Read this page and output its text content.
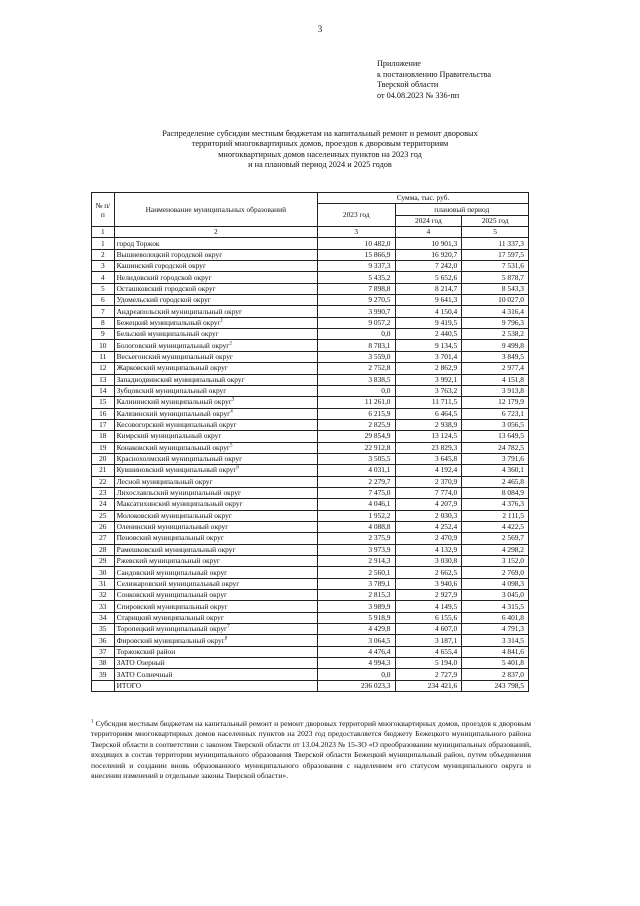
3
Приложение
к постановлению Правительства
Тверской области
от 04.08.2023 № 336-пп
Распределение субсидии местным бюджетам на капитальный ремонт и ремонт дворовых
территорий многоквартирных домов, проездов к дворовым территориям
многоквартирных домов населенных пунктов на 2023 год
и на плановый период 2024 и 2025 годов
№ п/п	Наименование муниципальных образований	Сумма, тыс. руб.		
		2023 год	плановый период	
			2024 год	2025 год
1	2	3	4	5
1	город Торжок	10 482,0	10 901,3	11 337,3
2	Вышневолоцкий городской округ	15 866,9	16 920,7	17 597,5
3	Кашинский городской округ	9 337,3	7 242,0	7 531,6
4	Нелидовский городской округ	5 435,2	5 652,6	5 878,7
5	Осташковский городской округ	7 898,8	8 214,7	8 543,3
6	Удомельский городской округ	9 270,5	9 641,3	10 027,0
7	Андреапольский муниципальный округ	3 990,7	4 150,4	4 316,4
8	Бежецкий муниципальный округ$^1$	9 057,2	9 419,5	9 796,3
9	Бельский муниципальный округ	0,0	2 440,5	2 538,2
10	Бологовский муниципальный округ$^2$	8 783,1	9 134,5	9 499,8
11	Весьегонский муниципальный округ	3 559,0	3 701,4	3 849,5
12	Жарковский муниципальный округ	2 752,8	2 862,9	2 977,4
13	Западнодвинский муниципальный округ	3 838,5	3 992,1	4 151,8
14	Зубцовский муниципальный округ	0,0	3 763,2	3 913,8
15	Калининский муниципальный округ$^3$	11 261,0	11 711,5	12 179,9
16	Калязинский муниципальный округ$^4$	6 215,9	6 464,5	6 723,1
17	Кесовогорский муниципальный округ	2 825,9	2 938,9	3 056,5
18	Кимрский муниципальный округ	29 854,9	13 124,5	13 649,5
19	Конаковский муниципальный округ$^5$	22 912,8	23 829,3	24 782,5
20	Краснохолмский муниципальный округ	3 505,5	3 645,8	3 791,6
21	Кувшиновский муниципальный округ$^6$	4 031,1	4 192,4	4 360,1
22	Лесной муниципальный округ	2 279,7	2 370,9	2 465,8
23	Лихославльский муниципальный округ	7 475,0	7 774,0	8 084,9
24	Максатихинский муниципальный округ	4 046,1	4 207,9	4 376,3
25	Молоковский муниципальный округ	1 952,2	2 030,3	2 111,5
26	Оленинский муниципальный округ	4 088,8	4 252,4	4 422,5
27	Пеновский муниципальный округ	2 375,9	2 470,9	2 569,7
28	Рамешковский муниципальный округ	3 973,9	4 132,9	4 298,2
29	Ржевский муниципальный округ	2 914,3	3 030,8	3 152,0
30	Сандовский муниципальный округ	2 560,1	2 662,5	2 769,0
31	Селижаровский муниципальный округ	3 789,1	3 940,6	4 098,3
32	Сонковский муниципальный округ	2 815,3	2 927,9	3 045,0
33	Спировский муниципальный округ	3 989,9	4 149,5	4 315,5
34	Старицкий муниципальный округ	5 918,9	6 155,6	6 401,8
35	Торопецкий муниципальный округ$^7$	4 429,8	4 607,0	4 791,3
36	Фировский муниципальный округ$^8$	3 064,5	3 187,1	3 314,5
37	Торжокский район	4 476,4	4 655,4	4 841,6
38	ЗАТО Озерный	4 994,3	5 194,0	5 401,8
39	ЗАТО Солнечный	0,0	2 727,9	2 837,0
	ИТОГО	236 023,3	234 421,6	243 798,5
$^1$ Субсидия местным бюджетам на капитальный ремонт и ремонт дворовых территорий многоквартирных домов, проездов к дворовым территориям многоквартирных домов населенных пунктов на 2023 год предоставляется бюджету Бежецкого муниципального района Тверской области в соответствии с законом Тверской области от 13.04.2023 № 15-ЗО «О преобразовании муниципальных образований, входящих в состав территории муниципального образования Тверской области Бежецкий муниципальный район, путем объединения поселений и создании вновь образованного муниципального образования с наделением его статусом муниципального округа и внесении изменений в отдельные законы Тверской области».
